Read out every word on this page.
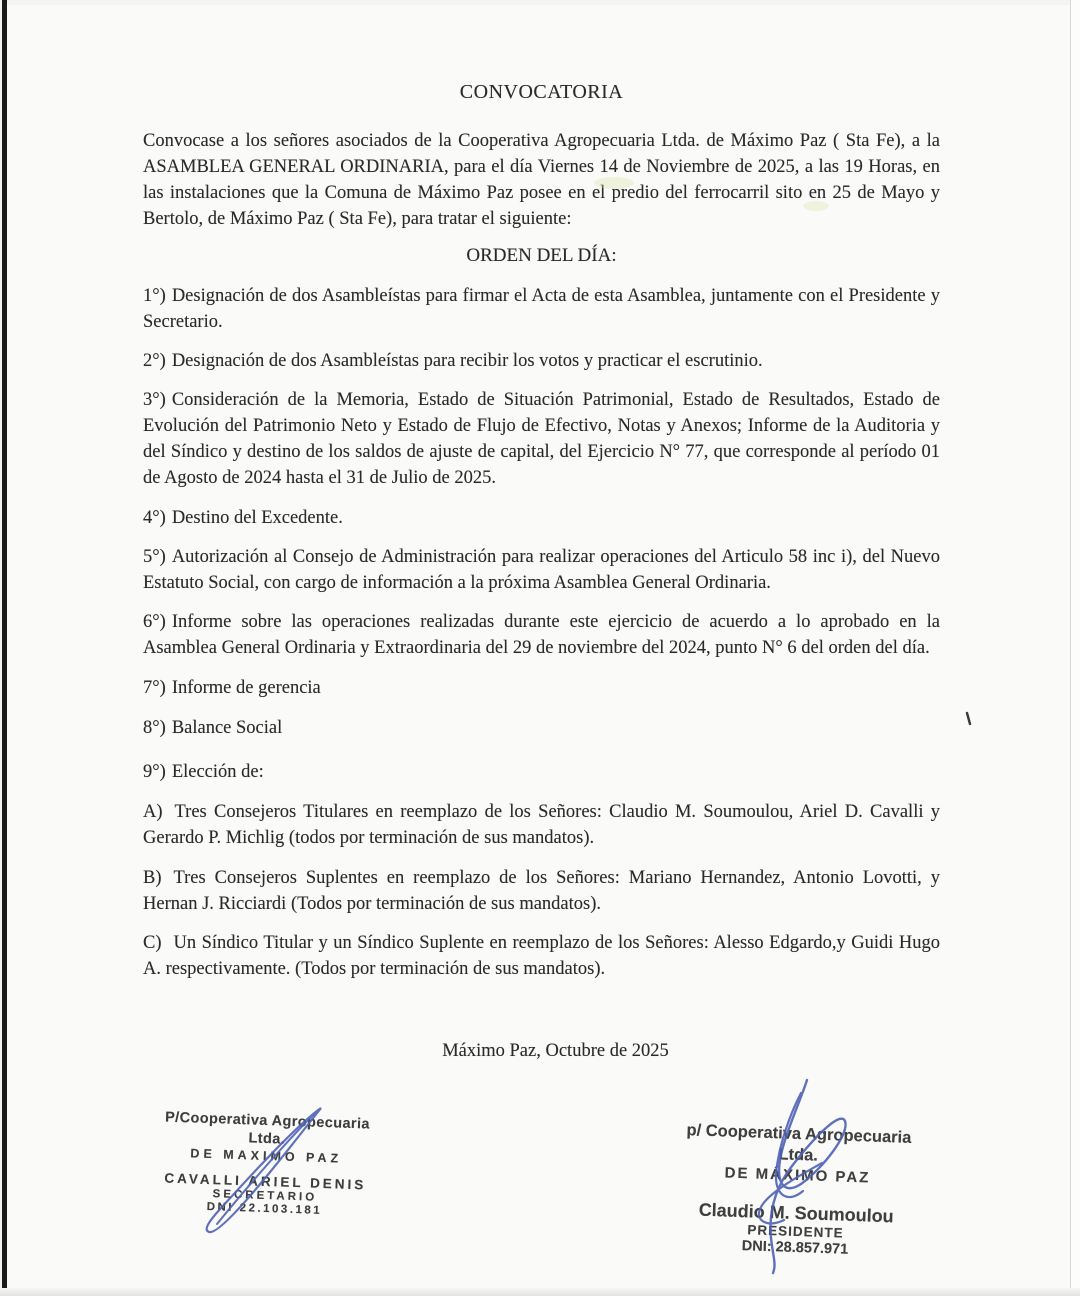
CONVOCATORIA

Convocase a los señores asociados de la Cooperativa Agropecuaria Ltda. de Máximo Paz ( Sta Fe), a la ASAMBLEA GENERAL ORDINARIA, para el día Viernes 14 de Noviembre de 2025, a las 19 Horas, en las instalaciones que la Comuna de Máximo Paz posee en el predio del ferrocarril sito en 25 de Mayo y Bertolo, de Máximo Paz ( Sta Fe), para tratar el siguiente:

ORDEN DEL DÍA:

1°) Designación de dos Asambleístas para firmar el Acta de esta Asamblea, juntamente con el Presidente y Secretario.

2°) Designación de dos Asambleístas para recibir los votos y practicar el escrutinio.

3°) Consideración de la Memoria, Estado de Situación Patrimonial, Estado de Resultados, Estado de Evolución del Patrimonio Neto y Estado de Flujo de Efectivo, Notas y Anexos; Informe de la Auditoria y del Síndico y destino de los saldos de ajuste de capital, del Ejercicio N° 77, que corresponde al período 01 de Agosto de 2024 hasta el 31 de Julio de 2025.

4°) Destino del Excedente.

5°) Autorización al Consejo de Administración para realizar operaciones del Articulo 58 inc i), del Nuevo Estatuto Social, con cargo de información a la próxima Asamblea General Ordinaria.

6°) Informe sobre las operaciones realizadas durante este ejercicio de acuerdo a lo aprobado en la Asamblea General Ordinaria y Extraordinaria del 29 de noviembre del 2024, punto N° 6 del orden del día.

7°) Informe de gerencia

8°) Balance Social

9°) Elección de:

A) Tres Consejeros Titulares en reemplazo de los Señores: Claudio M. Soumoulou, Ariel D. Cavalli y Gerardo P. Michlig (todos por terminación de sus mandatos).

B) Tres Consejeros Suplentes en reemplazo de los Señores: Mariano Hernandez, Antonio Lovotti, y Hernan J. Ricciardi (Todos por terminación de sus mandatos).

C) Un Síndico Titular y un Síndico Suplente en reemplazo de los Señores: Alesso Edgardo,y Guidi Hugo A. respectivamente. (Todos por terminación de sus mandatos).

Máximo Paz, Octubre de 2025

P/Cooperativa Agropecuaria Ltda.
DE MAXIMO PAZ
CAVALLI ARIEL DENIS
SECRETARIO
DNI 22.103.181
p/ Cooperativa Agropecuaria Ltda.
DE MÁXIMO PAZ
Claudio M. Soumoulou
PRESIDENTE
DNI: 28.857.971
